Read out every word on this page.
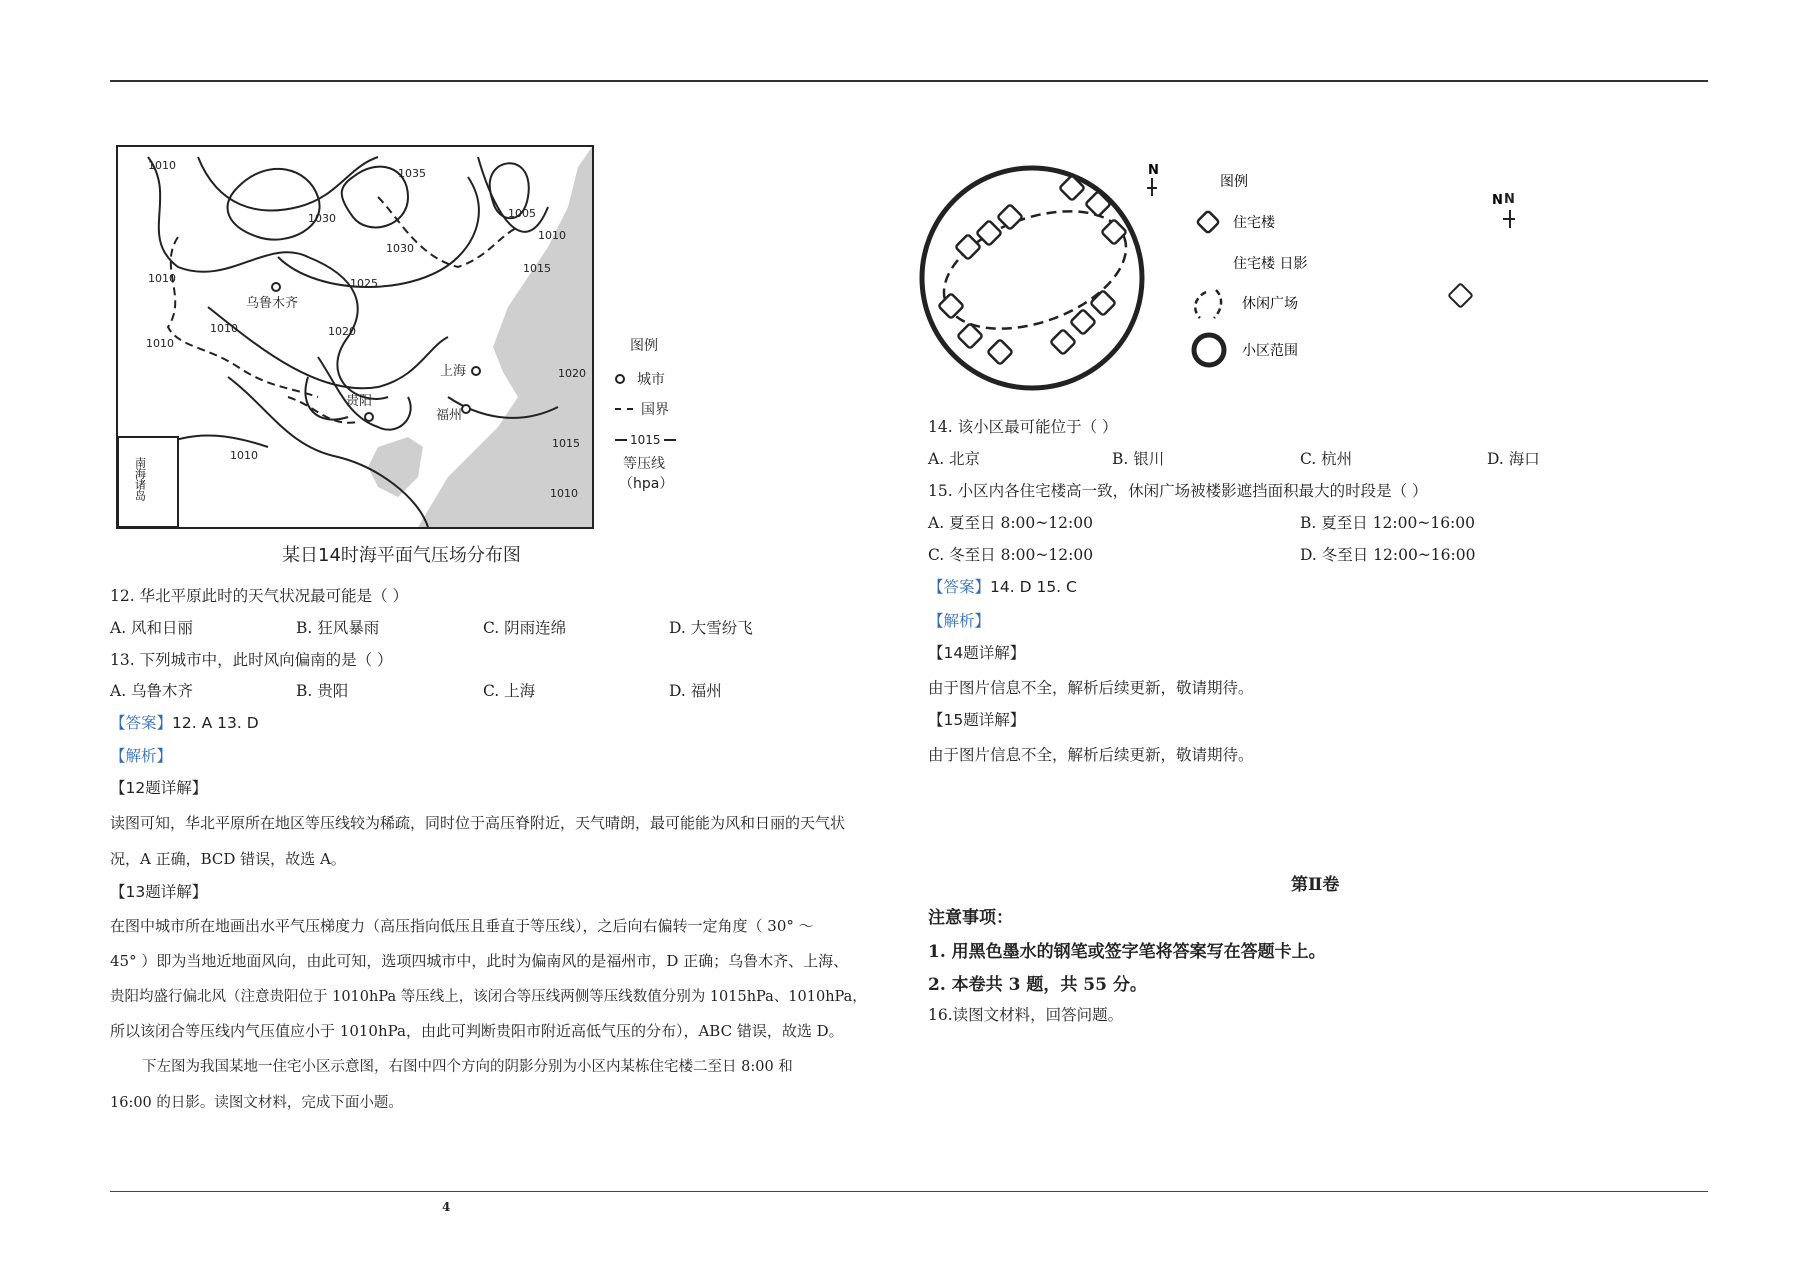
南海诸岛
乌鲁木齐
上海
贵阳
福州
1010
1035
1030
1030
1005
1010
1015
1025
1020
1010
1010
1020
1010
1015
1010
1010
图例
城市
国界
1015
等压线
（hpa）
某日14时海平面气压场分布图
12. 华北平原此时的天气状况最可能是（ ）
A. 风和日丽	B. 狂风暴雨	C. 阴雨连绵	D. 大雪纷飞
13. 下列城市中，此时风向偏南的是（ ）
A. 乌鲁木齐	B. 贵阳	C. 上海	D. 福州
【答案】12. A 13. D
【解析】
【12题详解】
读图可知，华北平原所在地区等压线较为稀疏，同时位于高压脊附近，天气晴朗，最可能能为风和日丽的天气状
况，A 正确，BCD 错误，故选 A。
【13题详解】
在图中城市所在地画出水平气压梯度力（高压指向低压且垂直于等压线），之后向右偏转一定角度（ 30° ～
45° ）即为当地近地面风向，由此可知，选项四城市中，此时为偏南风的是福州市，D 正确；乌鲁木齐、上海、
贵阳均盛行偏北风（注意贵阳位于 1010hPa 等压线上，该闭合等压线两侧等压线数值分别为 1015hPa、1010hPa，
所以该闭合等压线内气压值应小于 1010hPa，由此可判断贵阳市附近高低气压的分布），ABC 错误，故选 D。
下左图为我国某地一住宅小区示意图，右图中四个方向的阴影分别为小区内某栋住宅楼二至日 8:00 和
16:00 的日影。读图文材料，完成下面小题。
N
图例
住宅楼
住宅楼 日影
休闲广场
小区范围
N N
14. 该小区最可能位于（ ）
A. 北京	B. 银川	C. 杭州	D. 海口
15. 小区内各住宅楼高一致，休闲广场被楼影遮挡面积最大的时段是（ ）
A. 夏至日 8:00~12:00	B. 夏至日 12:00~16:00
C. 冬至日 8:00~12:00	D. 冬至日 12:00~16:00
【答案】14. D 15. C
【解析】
【14题详解】
由于图片信息不全，解析后续更新，敬请期待。
【15题详解】
由于图片信息不全，解析后续更新，敬请期待。
第Ⅱ卷
注意事项：
1. 用黑色墨水的钢笔或签字笔将答案写在答题卡上。
2. 本卷共 3 题，共 55 分。
16.读图文材料，回答问题。
4
